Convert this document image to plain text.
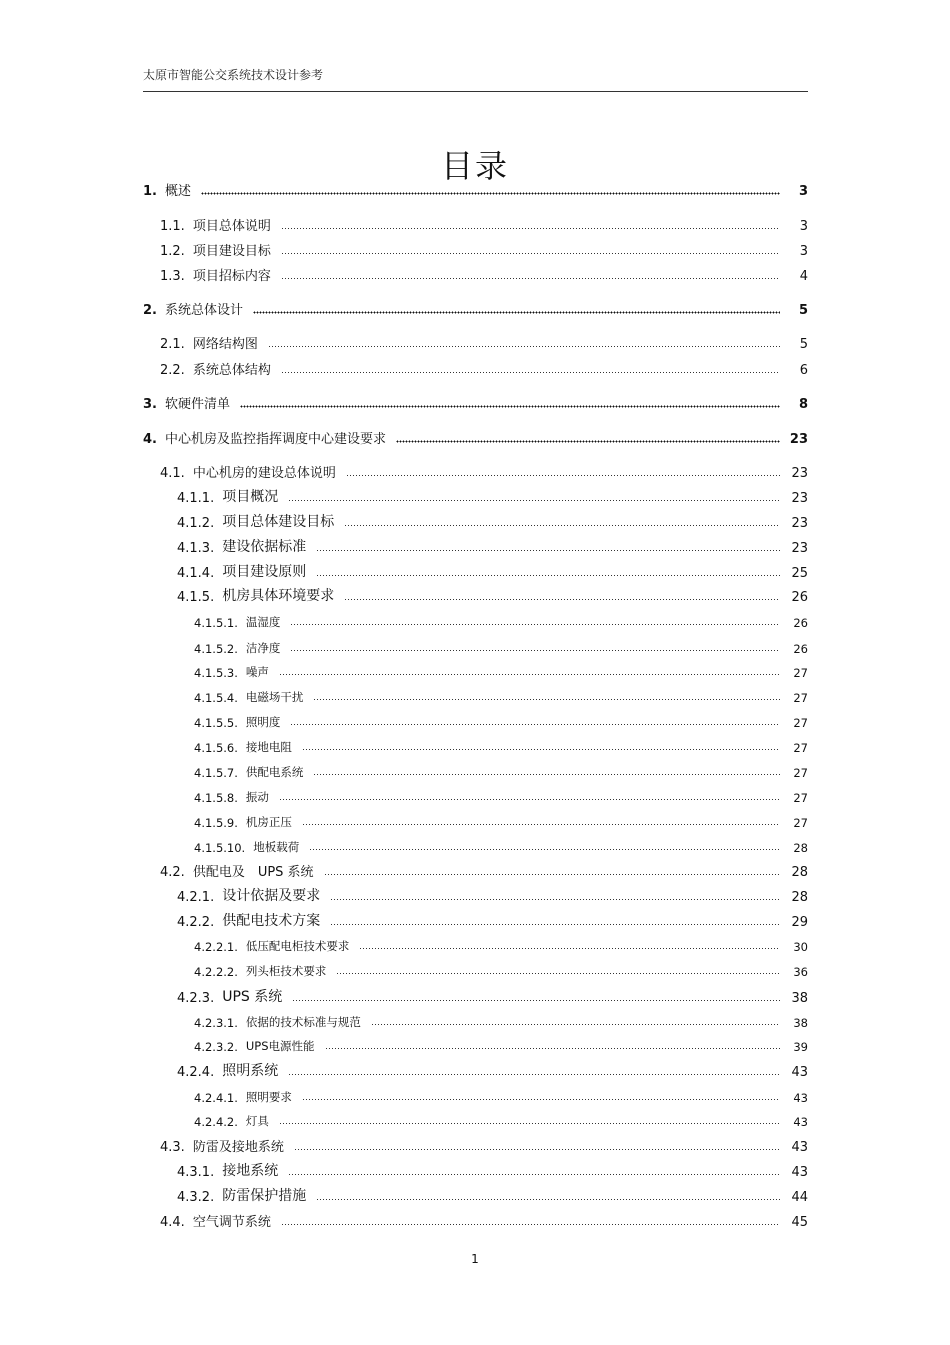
太原市智能公交系统技术设计参考
目录
1. 概述	3
1.1. 项目总体说明	3
1.2. 项目建设目标	3
1.3. 项目招标内容	4
2. 系统总体设计	5
2.1. 网络结构图	5
2.2. 系统总体结构	6
3. 软硬件清单	8
4. 中心机房及监控指挥调度中心建设要求	23
4.1. 中心机房的建设总体说明	23
4.1.1. 项目概况	23
4.1.2. 项目总体建设目标	23
4.1.3. 建设依据标准	23
4.1.4. 项目建设原则	25
4.1.5. 机房具体环境要求	26
4.1.5.1. 温湿度	26
4.1.5.2. 洁净度	26
4.1.5.3. 噪声	27
4.1.5.4. 电磁场干扰	27
4.1.5.5. 照明度	27
4.1.5.6. 接地电阻	27
4.1.5.7. 供配电系统	27
4.1.5.8. 振动	27
4.1.5.9. 机房正压	27
4.1.5.10. 地板载荷	28
4.2. 供配电及　UPS 系统	28
4.2.1. 设计依据及要求	28
4.2.2. 供配电技术方案	29
4.2.2.1. 低压配电柜技术要求	30
4.2.2.2. 列头柜技术要求	36
4.2.3. UPS 系统	38
4.2.3.1. 依据的技术标准与规范	38
4.2.3.2. UPS电源性能	39
4.2.4. 照明系统	43
4.2.4.1. 照明要求	43
4.2.4.2. 灯具	43
4.3. 防雷及接地系统	43
4.3.1. 接地系统	43
4.3.2. 防雷保护措施	44
4.4. 空气调节系统	45
1
